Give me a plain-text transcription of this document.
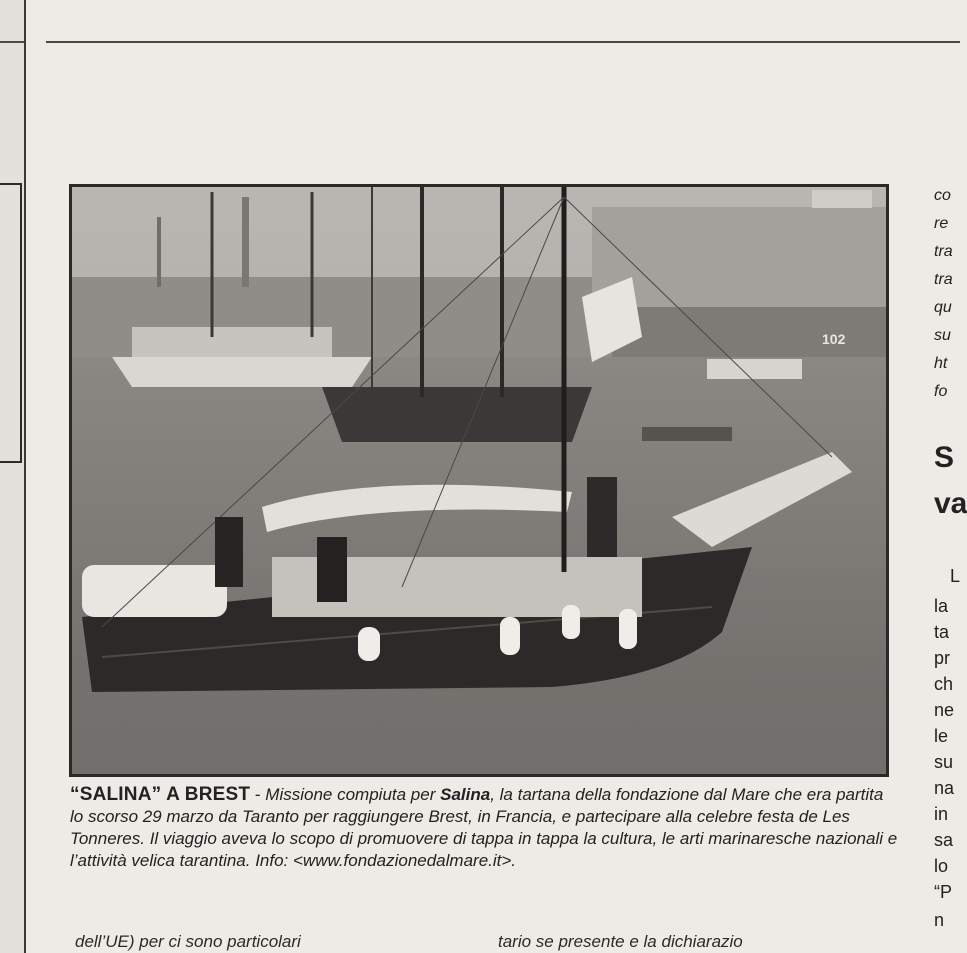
102
“SALINA” A BREST - Missione compiuta per Salina, la tartana della fondazione dal Mare che era partita lo scorso 29 marzo da Taranto per raggiungere Brest, in Francia, e partecipare alla celebre festa de Les Tonneres. Il viaggio aveva lo scopo di promuovere di tappa in tappa la cultura, le arti marinaresche nazionali e l’attività velica tarantina. Info: <www.fondazionedalmare.it>.
dell’UE) per ci sono particolari	tario se presente e la dichiarazio
co
re
tra
tra
qu
su
ht
fo
S
va
L
la
ta
pr
ch
ne
le
su
na
in
sa
lo
“P
n
